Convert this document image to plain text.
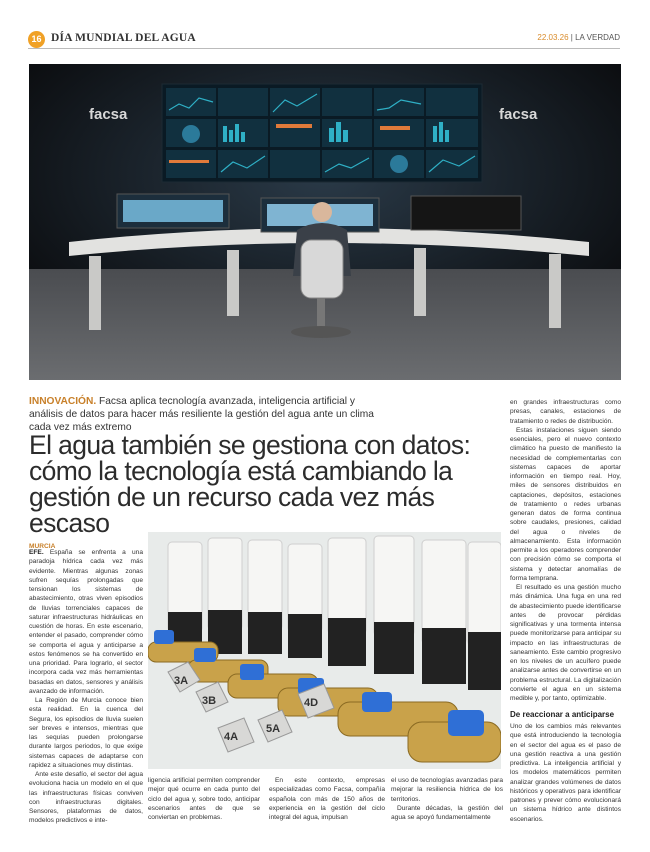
16 DÍA MUNDIAL DEL AGUA	22.03.26 | LA VERDAD
facsa	facsa
INNOVACIÓN. Facsa aplica tecnología avanzada, inteligencia artificial y análisis de datos para hacer más resiliente la gestión del agua ante un clima cada vez más extremo
El agua también se gestiona con datos: cómo la tecnología está cambiando la gestión de un recurso cada vez más escaso
MURCIA

EFE. España se enfrenta a una paradoja hídrica cada vez más evidente. Mientras algunas zonas sufren sequías prolongadas que tensionan los sistemas de abastecimiento, otras viven episodios de lluvias torrenciales capaces de saturar infraestructuras hidráulicas en cuestión de horas. En este escenario, entender el pasado, comprender cómo se comporta el agua y anticiparse a estos fenómenos se ha convertido en una prioridad. Para lograrlo, el sector incorpora cada vez más herramientas basadas en datos, sensores y análisis avanzado de información.

La Región de Murcia conoce bien esta realidad. En la cuenca del Segura, los episodios de lluvia suelen ser breves e intensos, mientras que las sequías pueden prolongarse durante largos periodos, lo que exige sistemas capaces de adaptarse con rapidez a situaciones muy distintas.

Ante este desafío, el sector del agua evoluciona hacia un modelo en el que las infraestructuras físicas conviven con infraestructuras digitales. Sensores, plataformas de datos, modelos predictivos e inte-

3A
3B
4A
4D
5A

ligencia artificial permiten comprender mejor qué ocurre en cada punto del ciclo del agua y, sobre todo, anticipar escenarios antes de que se conviertan en problemas.

En este contexto, empresas especializadas como Facsa, compañía española con más de 150 años de experiencia en la gestión del ciclo integral del agua, impulsan

el uso de tecnologías avanzadas para mejorar la resiliencia hídrica de los territorios.

Durante décadas, la gestión del agua se apoyó fundamentalmente

en grandes infraestructuras como presas, canales, estaciones de tratamiento o redes de distribución.

Estas instalaciones siguen siendo esenciales, pero el nuevo contexto climático ha puesto de manifiesto la necesidad de complementarlas con sistemas capaces de aportar información en tiempo real. Hoy, miles de sensores distribuidos en captaciones, depósitos, estaciones de tratamiento o redes urbanas generan datos de forma continua sobre caudales, presiones, calidad del agua o niveles de almacenamiento. Esta información permite a los operadores comprender con precisión cómo se comporta el sistema y detectar anomalías de forma temprana.

El resultado es una gestión mucho más dinámica. Una fuga en una red de abastecimiento puede identificarse antes de provocar pérdidas significativas y una tormenta intensa puede monitorizarse para anticipar su impacto en las infraestructuras de saneamiento. Este cambio progresivo en los niveles de un acuífero puede analizarse antes de convertirse en un problema estructural. La digitalización convierte el agua en un sistema medible y, por tanto, optimizable.

De reaccionar a anticiparse

Uno de los cambios más relevantes que está introduciendo la tecnología en el sector del agua es el paso de una gestión reactiva a una gestión predictiva. La inteligencia artificial y los modelos matemáticos permiten analizar grandes volúmenes de datos históricos y operativos para identificar patrones y prever cómo evolucionará un sistema hídrico ante distintos escenarios.
